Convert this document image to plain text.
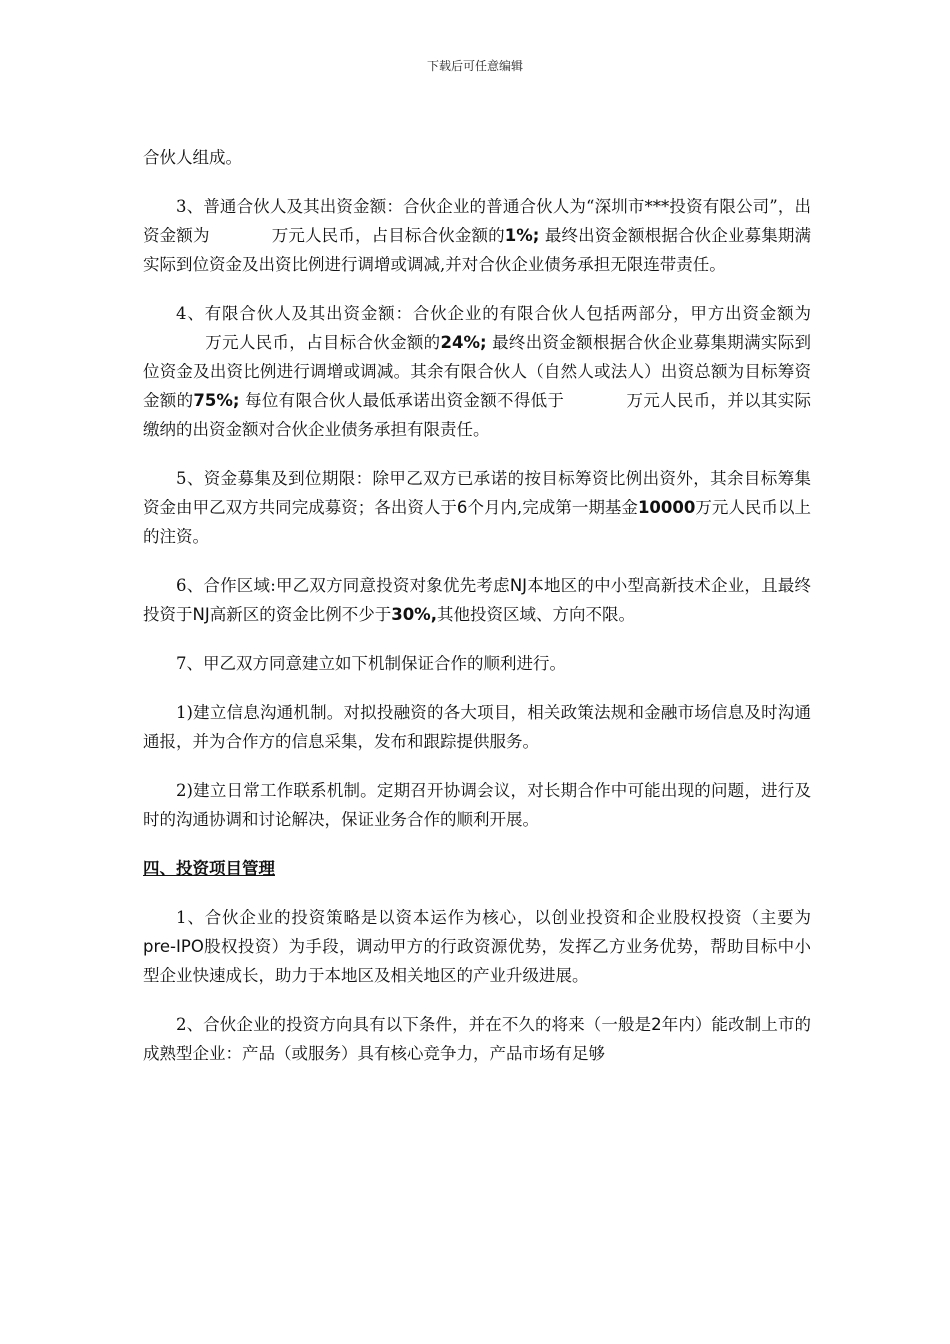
下载后可任意编辑

合伙人组成。

3、普通合伙人及其出资金额：合伙企业的普通合伙人为“深圳市***投资有限公司”，出资金额为	万元人民币，占目标合伙金额的1%; 最终出资金额根据合伙企业募集期满实际到位资金及出资比例进行调增或调减,并对合伙企业债务承担无限连带责任。

4、有限合伙人及其出资金额：合伙企业的有限合伙人包括两部分，甲方出资金额为万元人民币，占目标合伙金额的24%; 最终出资金额根据合伙企业募集期满实际到位资金及出资比例进行调增或调减。其余有限合伙人（自然人或法人）出资总额为目标筹资金额的75%; 每位有限合伙人最低承诺出资金额不得低于	万元人民币，并以其实际缴纳的出资金额对合伙企业债务承担有限责任。

5、资金募集及到位期限：除甲乙双方已承诺的按目标筹资比例出资外，其余目标筹集资金由甲乙双方共同完成募资；各出资人于6个月内,完成第一期基金10000万元人民币以上的注资。

6、合作区域:甲乙双方同意投资对象优先考虑NJ本地区的中小型高新技术企业，且最终投资于NJ高新区的资金比例不少于30%,其他投资区域、方向不限。

7、甲乙双方同意建立如下机制保证合作的顺利进行。

1)建立信息沟通机制。对拟投融资的各大项目，相关政策法规和金融市场信息及时沟通通报，并为合作方的信息采集，发布和跟踪提供服务。

2)建立日常工作联系机制。定期召开协调会议，对长期合作中可能出现的问题，进行及时的沟通协调和讨论解决，保证业务合作的顺利开展。

四、投资项目管理

1、合伙企业的投资策略是以资本运作为核心，以创业投资和企业股权投资（主要为pre-IPO股权投资）为手段，调动甲方的行政资源优势，发挥乙方业务优势，帮助目标中小型企业快速成长，助力于本地区及相关地区的产业升级进展。

2、合伙企业的投资方向具有以下条件，并在不久的将来（一般是2年内）能改制上市的成熟型企业：产品（或服务）具有核心竞争力，产品市场有足够
